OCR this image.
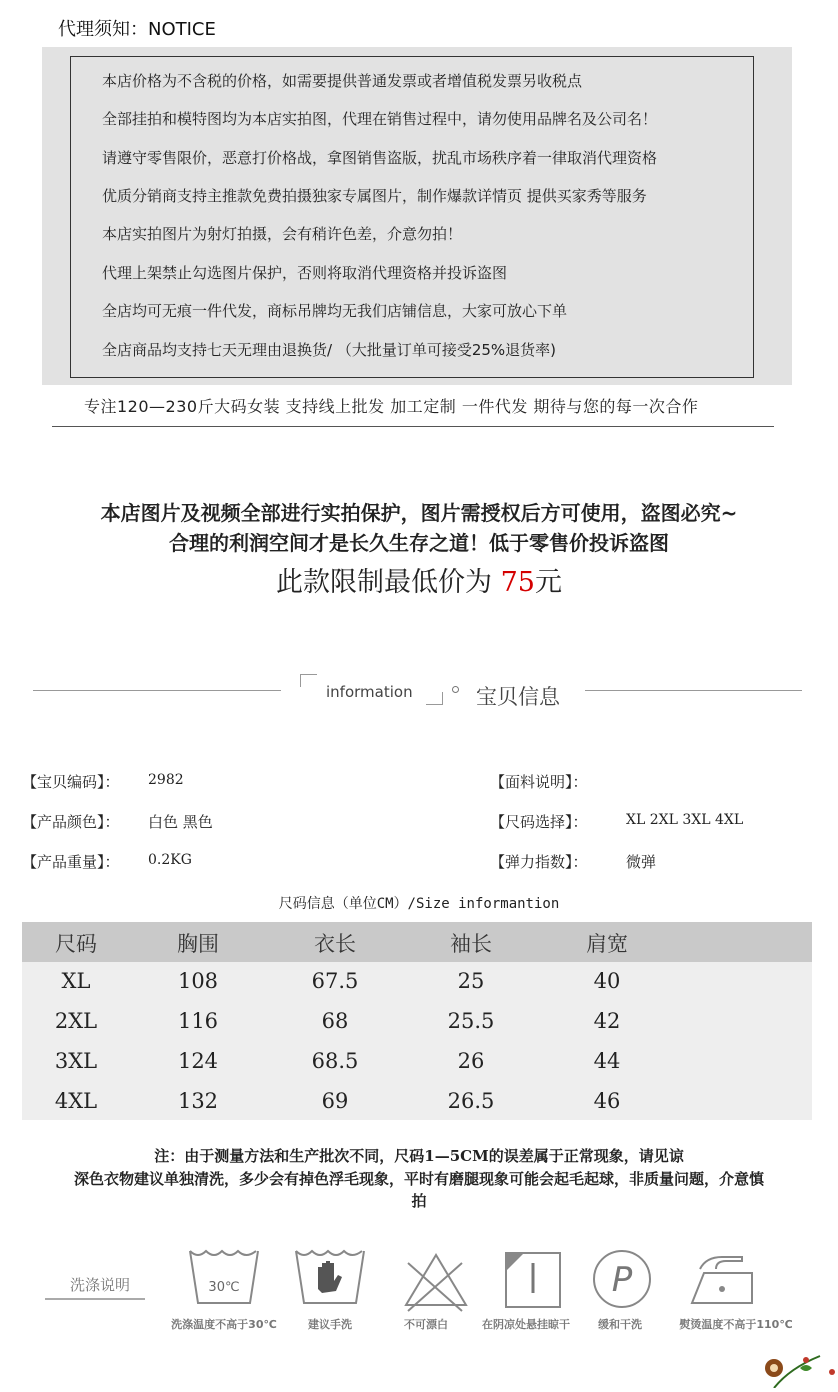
代理须知：NOTICE
本店价格为不含税的价格，如需要提供普通发票或者增值税发票另收税点
全部挂拍和模特图均为本店实拍图，代理在销售过程中，请勿使用品牌名及公司名！
请遵守零售限价，恶意打价格战，拿图销售盗版，扰乱市场秩序着一律取消代理资格
优质分销商支持主推款免费拍摄独家专属图片，制作爆款详情页 提供买家秀等服务
本店实拍图片为射灯拍摄，会有稍许色差，介意勿拍！
代理上架禁止勾选图片保护，否则将取消代理资格并投诉盗图
全店均可无痕一件代发，商标吊牌均无我们店铺信息，大家可放心下单
全店商品均支持七天无理由退换货/ （大批量订单可接受25%退货率)
专注120—230斤大码女装 支持线上批发 加工定制 一件代发 期待与您的每一次合作
本店图片及视频全部进行实拍保护，图片需授权后方可使用，盗图必究~
合理的利润空间才是长久生存之道！低于零售价投诉盗图
此款限制最低价为 75元
information	宝贝信息
【宝贝编码】： 2982	【面料说明】：
【产品颜色】： 白色 黑色	【尺码选择】：	XL 2XL 3XL 4XL
【产品重量】： 0.2KG	【弹力指数】：	微弹
尺码信息（单位CM）/Size informantion
尺码	胸围	衣长	袖长	肩宽
XL	108	67.5	25	40
2XL	116	68	25.5	42
3XL	124	68.5	26	44
4XL	132	69	26.5	46
注：由于测量方法和生产批次不同，尺码1—5CM的误差属于正常现象，请见谅
深色衣物建议单独清洗，多少会有掉色浮毛现象，平时有磨腿现象可能会起毛起球，非质量问题，介意慎
拍
洗涤说明	30℃	P
洗涤温度不高于30℃	建议手洗	不可漂白	在阴凉处悬挂晾干	缓和干洗	熨烫温度不高于110℃
